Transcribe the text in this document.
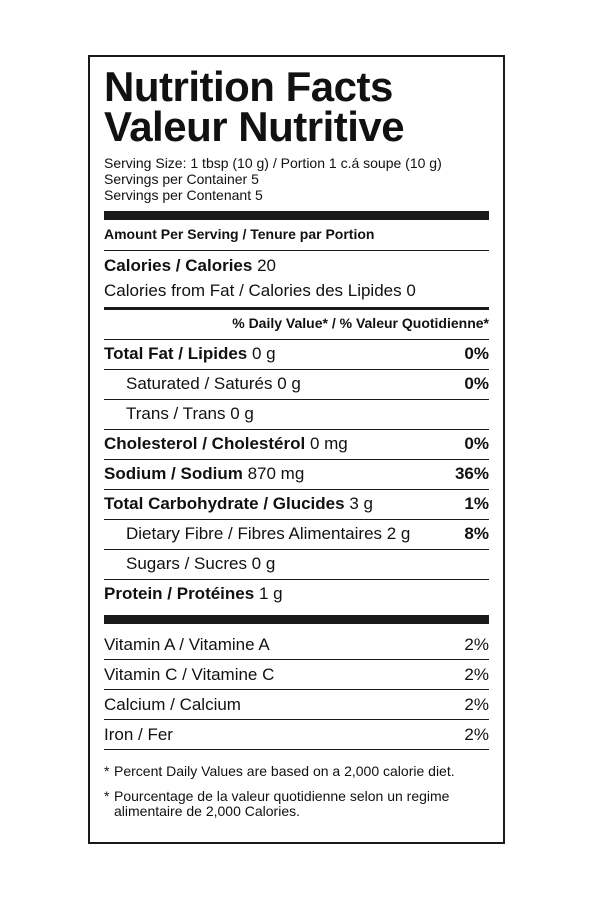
Nutrition Facts
Valeur Nutritive
Serving Size: 1 tbsp (10 g) / Portion 1 c.á soupe (10 g)
Servings per Container 5
Servings per Contenant 5
Amount Per Serving / Tenure par Portion
Calories / Calories 20
Calories from Fat / Calories des Lipides 0
% Daily Value* / % Valeur Quotidienne*
Total Fat / Lipides 0 g	0%
Saturated / Saturés 0 g	0%
Trans / Trans 0 g
Cholesterol / Cholestérol 0 mg	0%
Sodium / Sodium 870 mg	36%
Total Carbohydrate / Glucides 3 g	1%
Dietary Fibre / Fibres Alimentaires 2 g	8%
Sugars / Sucres 0 g
Protein / Protéines 1 g
Vitamin A / Vitamine A	2%
Vitamin C / Vitamine C	2%
Calcium / Calcium	2%
Iron / Fer	2%
* Percent Daily Values are based on a 2,000 calorie diet.
* Pourcentage de la valeur quotidienne selon un regime alimentaire de 2,000 Calories.
